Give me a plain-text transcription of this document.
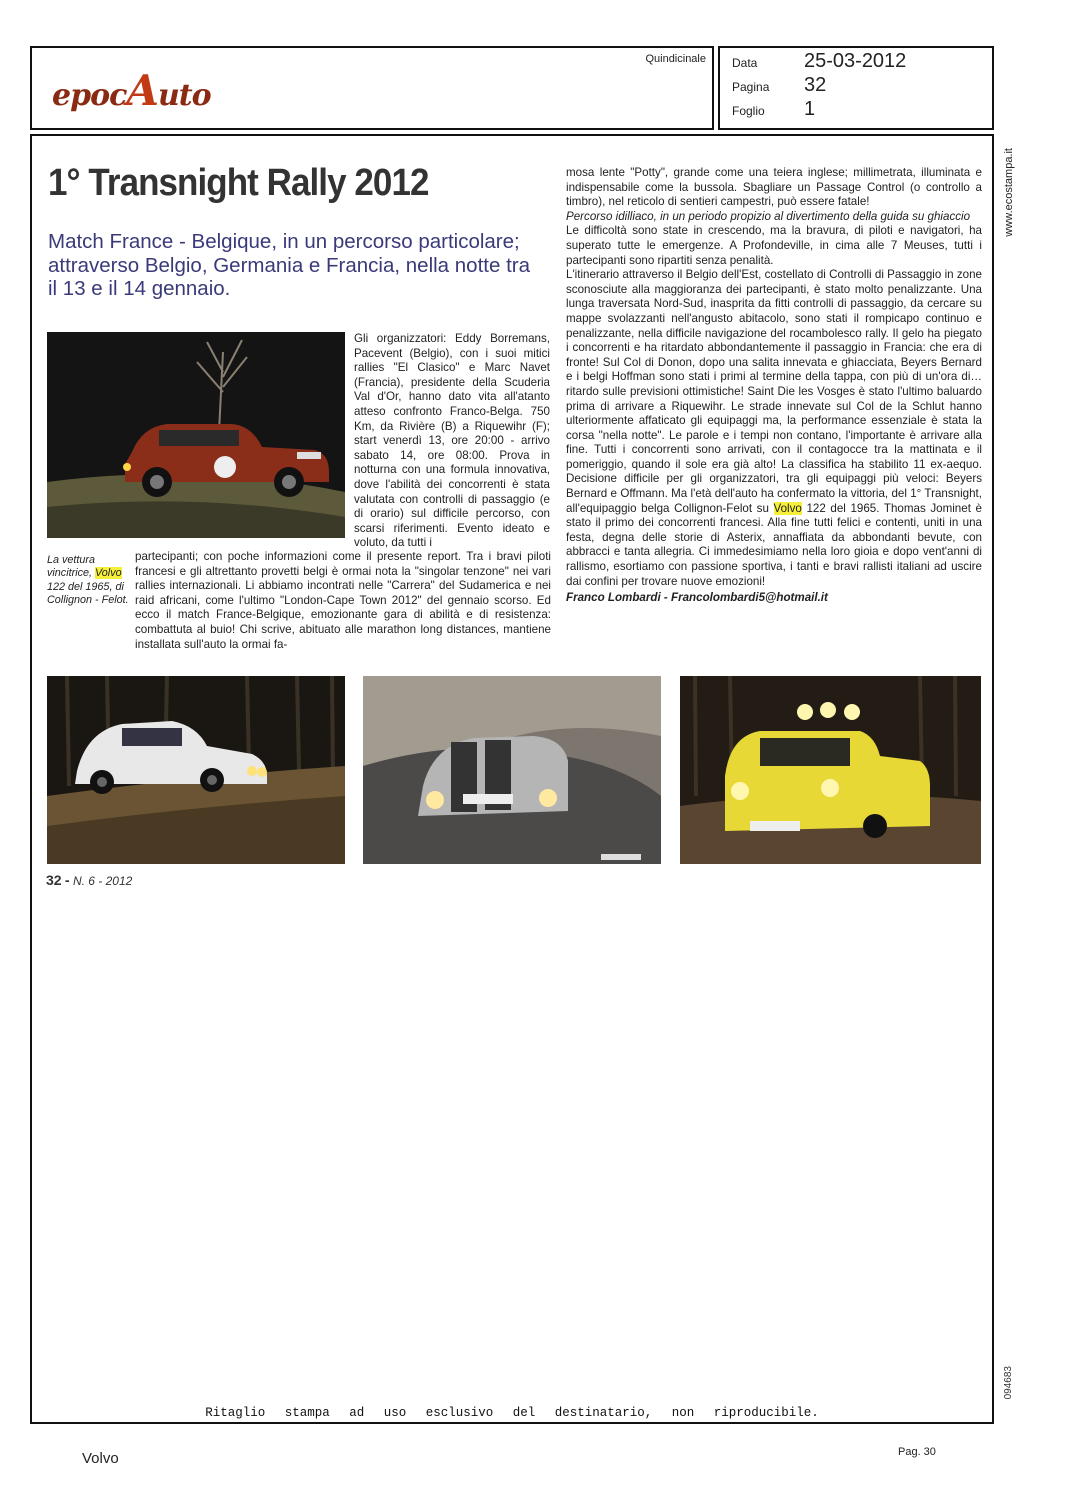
epocAuto
Quindicinale Data 25-03-2012
Pagina 32
Foglio 1
www.ecostampa.it
094683
1° Transnight Rally 2012
Match France - Belgique, in un percorso particolare; attraverso Belgio, Germania e Francia, nella notte tra il 13 e il 14 gennaio.
Gli organizzatori: Eddy Borremans, Pacevent (Belgio), con i suoi mitici rallies "El Clasico" e Marc Navet (Francia), presidente della Scuderia Val d'Or, hanno dato vita all'atanto atteso confronto Franco-Belga. 750 Km, da Rivière (B) a Riquewihr (F); start venerdì 13, ore 20:00 - arrivo sabato 14, ore 08:00. Prova in notturna con una formula innovativa, dove l'abilità dei concorrenti è stata valutata con controlli di passaggio (e di orario) sul difficile percorso, con scarsi riferimenti. Evento ideato e voluto, da tutti i
La vettura vincitrice, Volvo 122 del 1965, di Collignon - Felot.
partecipanti; con poche informazioni come il presente report. Tra i bravi piloti francesi e gli altrettanto provetti belgi è ormai nota la "singolar tenzone" nei vari rallies internazionali. Li abbiamo incontrati nelle "Carrera" del Sudamerica e nei raid africani, come l'ultimo "London-Cape Town 2012" del gennaio scorso. Ed ecco il match France-Belgique, emozionante gara di abilità e di resistenza: combattuta al buio! Chi scrive, abituato alle marathon long distances, mantiene installata sull'auto la ormai fa-
mosa lente "Potty", grande come una teiera inglese; millimetrata, illuminata e indispensabile come la bussola. Sbagliare un Passage Control (o controllo a timbro), nel reticolo di sentieri campestri, può essere fatale!
Percorso idilliaco, in un periodo propizio al divertimento della guida su ghiaccio
Le difficoltà sono state in crescendo, ma la bravura, di piloti e navigatori, ha superato tutte le emergenze. A Profondeville, in cima alle 7 Meuses, tutti i partecipanti sono ripartiti senza penalità.
L'itinerario attraverso il Belgio dell'Est, costellato di Controlli di Passaggio in zone sconosciute alla maggioranza dei partecipanti, è stato molto penalizzante. Una lunga traversata Nord-Sud, inasprita da fitti controlli di passaggio, da cercare su mappe svolazzanti nell'angusto abitacolo, sono stati il rompicapo continuo e penalizzante, nella difficile navigazione del rocambolesco rally. Il gelo ha piegato i concorrenti e ha ritardato abbondantemente il passaggio in Francia: che era di fronte! Sul Col di Donon, dopo una salita innevata e ghiacciata, Beyers Bernard e i belgi Hoffman sono stati i primi al termine della tappa, con più di un'ora di…ritardo sulle previsioni ottimistiche! Saint Die les Vosges è stato l'ultimo baluardo prima di arrivare a Riquewihr. Le strade innevate sul Col de la Schlut hanno ulteriormente affaticato gli equipaggi ma, la performance essenziale è stata la corsa "nella notte". Le parole e i tempi non contano, l'importante è arrivare alla fine. Tutti i concorrenti sono arrivati, con il contagocce tra la mattinata e il pomeriggio, quando il sole era già alto! La classifica ha stabilito 11 ex-aequo. Decisione difficile per gli organizzatori, tra gli equipaggi più veloci: Beyers Bernard e Offmann. Ma l'età dell'auto ha confermato la vittoria, del 1° Transnight, all'equipaggio belga Collignon-Felot su Volvo 122 del 1965. Thomas Jominet è stato il primo dei concorrenti francesi. Alla fine tutti felici e contenti, uniti in una festa, degna delle storie di Asterix, annaffiata da abbondanti bevute, con abbracci e tanta allegria. Ci immedesimiamo nella loro gioia e dopo vent'anni di rallismo, esortiamo con passione sportiva, i tanti e bravi rallisti italiani ad uscire dai confini per trovare nuove emozioni!
Franco Lombardi - Francolombardi5@hotmail.it
32 - N. 6 - 2012
Ritaglio stampa ad uso esclusivo del destinatario, non riproducibile.
Volvo	Pag. 30
